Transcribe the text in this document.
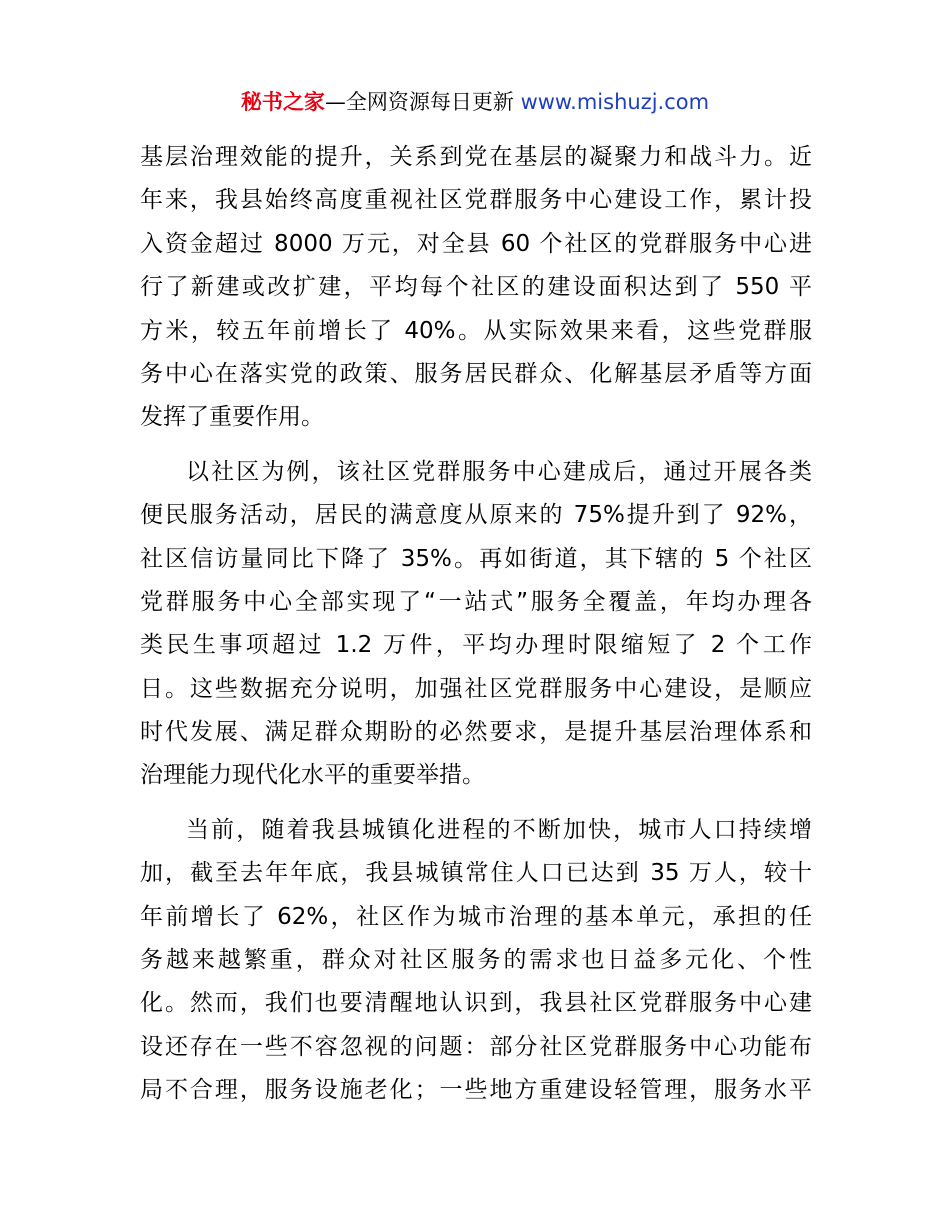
秘书之家—全网资源每日更新 www.mishuzj.com
基层治理效能的提升，关系到党在基层的凝聚力和战斗力。近
年来，我县始终高度重视社区党群服务中心建设工作，累计投
入资金超过 8000 万元，对全县 60 个社区的党群服务中心进
行了新建或改扩建，平均每个社区的建设面积达到了 550 平
方米，较五年前增长了 40%。从实际效果来看，这些党群服
务中心在落实党的政策、服务居民群众、化解基层矛盾等方面
发挥了重要作用。
以社区为例，该社区党群服务中心建成后，通过开展各类
便民服务活动，居民的满意度从原来的 75%提升到了 92%，
社区信访量同比下降了 35%。再如街道，其下辖的 5 个社区
党群服务中心全部实现了“一站式”服务全覆盖，年均办理各
类民生事项超过 1.2 万件，平均办理时限缩短了 2 个工作
日。这些数据充分说明，加强社区党群服务中心建设，是顺应
时代发展、满足群众期盼的必然要求，是提升基层治理体系和
治理能力现代化水平的重要举措。
当前，随着我县城镇化进程的不断加快，城市人口持续增
加，截至去年年底，我县城镇常住人口已达到 35 万人，较十
年前增长了 62%，社区作为城市治理的基本单元，承担的任
务越来越繁重，群众对社区服务的需求也日益多元化、个性
化。然而，我们也要清醒地认识到，我县社区党群服务中心建
设还存在一些不容忽视的问题：部分社区党群服务中心功能布
局不合理，服务设施老化；一些地方重建设轻管理，服务水平
